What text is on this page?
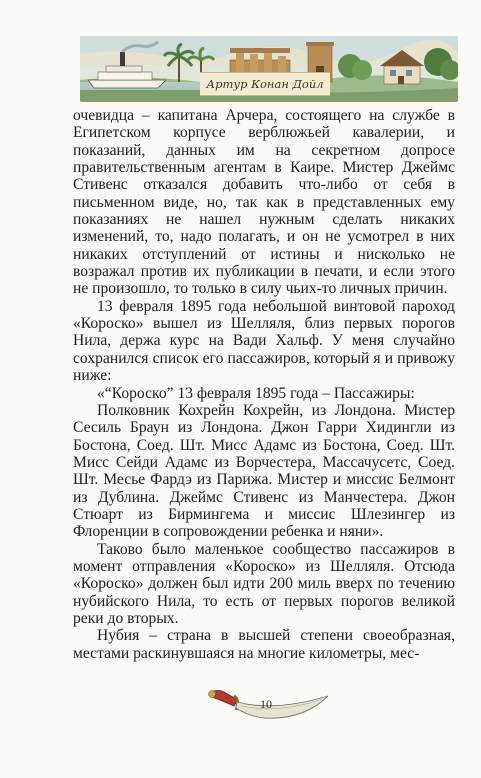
Артур Конан Дойл

очевидца – капитана Арчера, состоящего на службе в Египетском корпусе верблюжьей кавалерии, и показаний, данных им на секретном допросе правительственным агентам в Каире. Мистер Джеймс Стивенс отказался добавить что-либо от себя в письменном виде, но, так как в представленных ему показаниях не нашел нужным сделать никаких изменений, то, надо полагать, и он не усмотрел в них никаких отступлений от истины и нисколько не возражал против их публикации в печати, и если этого не произошло, то только в силу чьих-то личных причин.

13 февраля 1895 года небольшой винтовой пароход «Короско» вышел из Шелляля, близ первых порогов Нила, держа курс на Вади Хальф. У меня случайно сохранился список его пассажиров, который я и привожу ниже:

«“Короско” 13 февраля 1895 года – Пассажиры:

Полковник Кохрейн Кохрейн, из Лондона. Мистер Сесиль Браун из Лондона. Джон Гарри Хидингли из Бостона, Соед. Шт. Мисс Адамс из Бостона, Соед. Шт. Мисс Сейди Адамс из Ворчестера, Массачусетс, Соед. Шт. Месье Фардэ из Парижа. Мистер и миссис Белмонт из Дублина. Джеймс Стивенс из Манчестера. Джон Стюарт из Бирмингема и миссис Шлезингер из Флоренции в сопровождении ребенка и няни».

Таково было маленькое сообщество пассажиров в момент отправления «Короско» из Шелляля. Отсюда «Короско» должен был идти 200 миль вверх по течению нубийского Нила, то есть от первых порогов великой реки до вторых.

Нубия – страна в высшей степени своеобразная, местами раскинувшаяся на многие километры, мес-

10
